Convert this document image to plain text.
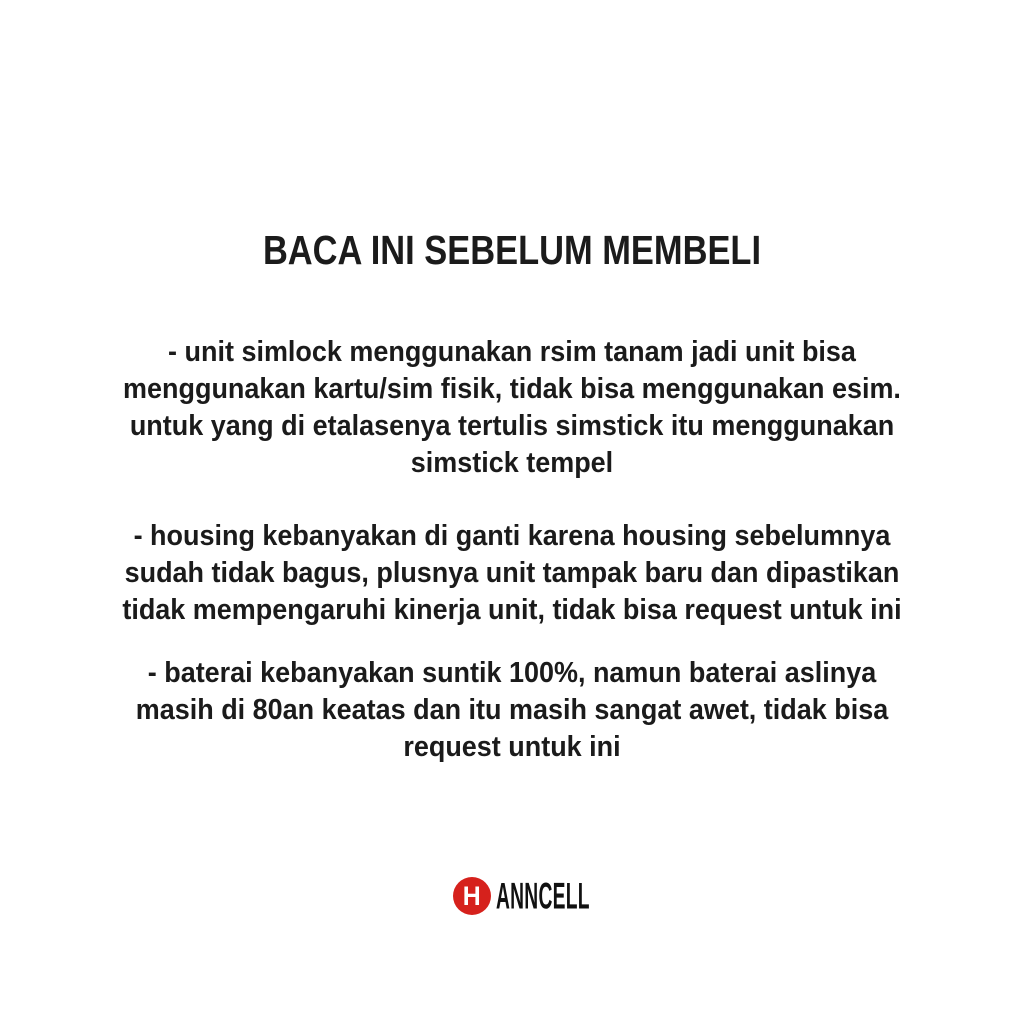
BACA INI SEBELUM MEMBELI
- unit simlock menggunakan rsim tanam jadi unit bisa
menggunakan kartu/sim fisik, tidak bisa menggunakan esim.
untuk yang di etalasenya tertulis simstick itu menggunakan
simstick tempel
- housing kebanyakan di ganti karena housing sebelumnya
sudah tidak bagus, plusnya unit tampak baru dan dipastikan
tidak mempengaruhi kinerja unit, tidak bisa request untuk ini
- baterai kebanyakan suntik 100%, namun baterai aslinya
masih di 80an keatas dan itu masih sangat awet, tidak bisa
request untuk ini
H ANNCELL
